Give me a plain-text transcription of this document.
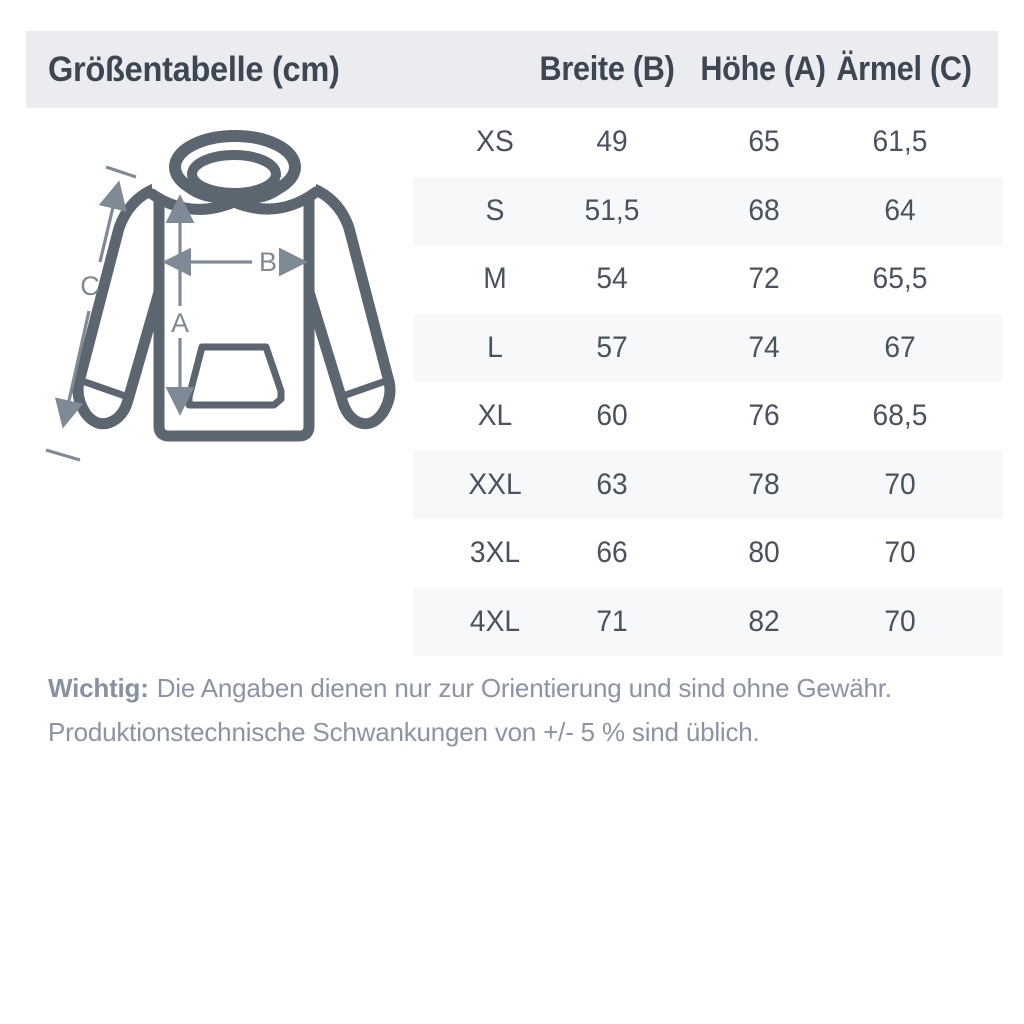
Größentabelle (cm)	Breite (B) Höhe (A) Ärmel (C)
A
B
C
XS	49	65	61,5
S	51,5	68	64
M	54	72	65,5
L	57	74	67
XL	60	76	68,5
XXL 63	78	70
3XL	66	80	70
4XL	71	82	70

Wichtig: Die Angaben dienen nur zur Orientierung und sind ohne Gewähr.

Produktionstechnische Schwankungen von +/- 5 % sind üblich.
